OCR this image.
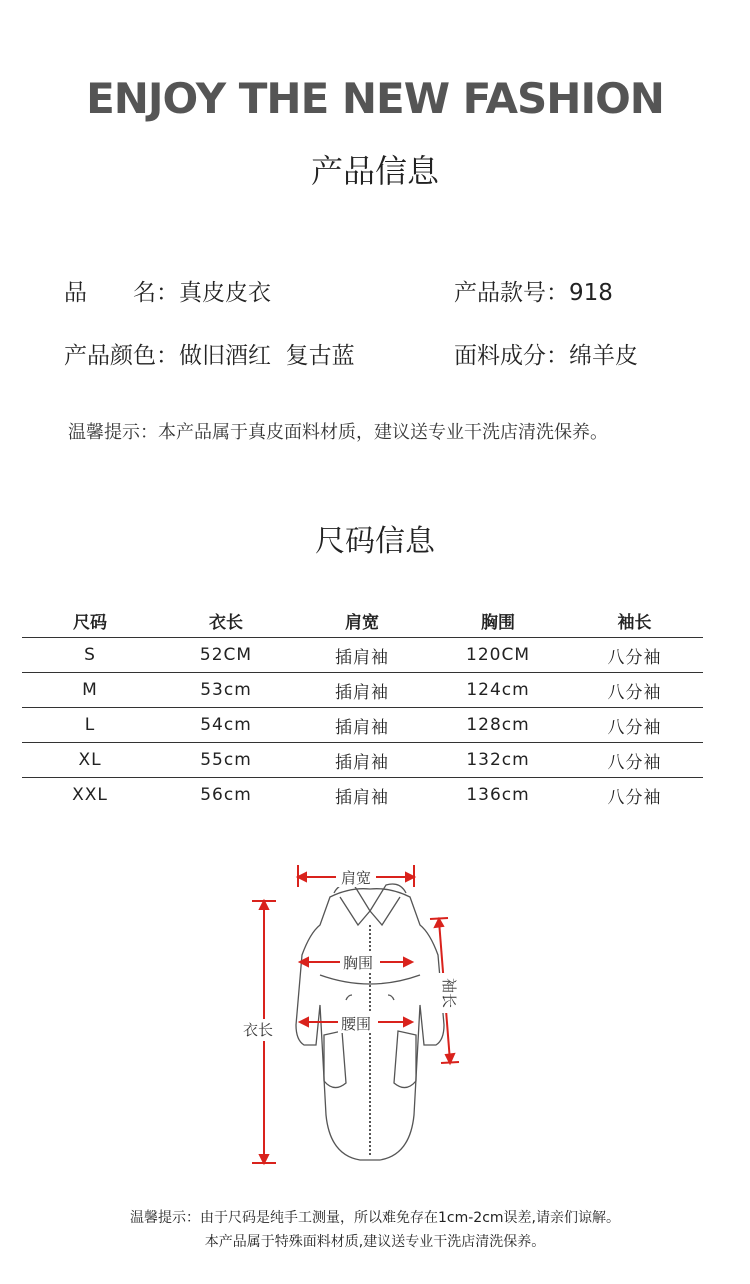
ENJOY THE NEW FASHION
产品信息
品　　名：真皮皮衣	产品款号：918
产品颜色：做旧酒红  复古蓝	面料成分：绵羊皮
温馨提示：本产品属于真皮面料材质，建议送专业干洗店清洗保养。
尺码信息
尺码	衣长	肩宽	胸围	袖长
S	52CM	插肩袖	120CM	八分袖
M	53cm	插肩袖	124cm	八分袖
L	54cm	插肩袖	128cm	八分袖
XL	55cm	插肩袖	132cm	八分袖
XXL	56cm	插肩袖	136cm	八分袖
肩宽
胸围
腰围
衣长
袖长
温馨提示：由于尺码是纯手工测量，所以难免存在1cm-2cm误差,请亲们谅解。
本产品属于特殊面料材质,建议送专业干洗店清洗保养。
